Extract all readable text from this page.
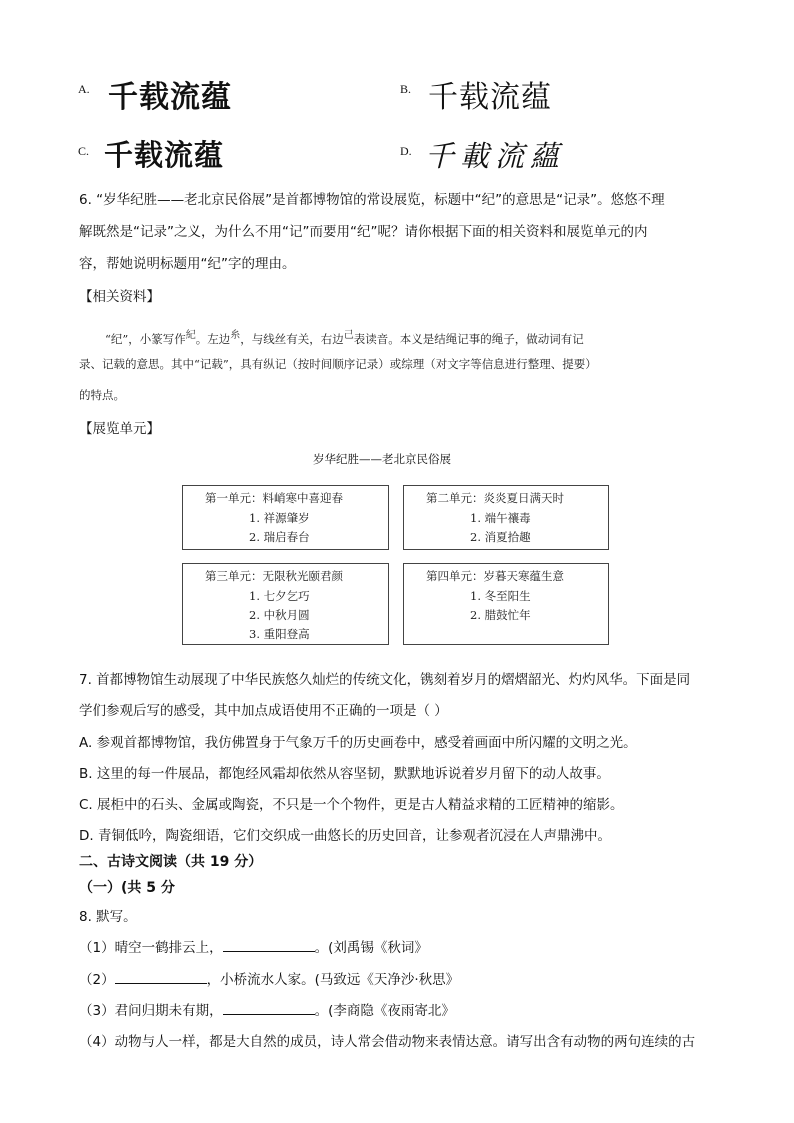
A. 千载流蕴	B. 千载流蕴
C. 千载流蕴	D. 千載流蘊
6. “岁华纪胜——老北京民俗展”是首都博物馆的常设展览，标题中“纪”的意思是“记录”。悠悠不理
解既然是“记录”之义，为什么不用“记”而要用“纪”呢？请你根据下面的相关资料和展览单元的内
容，帮她说明标题用“纪”字的理由。
【相关资料】
“纪”，小篆写作紀。左边糸，与线丝有关，右边己表读音。本义是结绳记事的绳子，做动词有记
录、记载的意思。其中“记载”，具有纵记（按时间顺序记录）或综理（对文字等信息进行整理、提要）
的特点。
【展览单元】
岁华纪胜——老北京民俗展
第一单元：料峭寒中喜迎春
1. 祥源肇岁
2. 瑞启春台
第二单元：炎炎夏日满天时
1. 端午禳毒
2. 消夏拾趣
第三单元：无限秋光颐君颜
1. 七夕乞巧
2. 中秋月圆
3. 重阳登高
第四单元：岁暮天寒蕴生意
1. 冬至阳生
2. 腊鼓忙年
7. 首都博物馆生动展现了中华民族悠久灿烂的传统文化，镌刻着岁月的熠熠韶光、灼灼风华。下面是同
学们参观后写的感受，其中加点成语使用不正确的一项是（ ）
A. 参观首都博物馆，我仿佛置身于气象万千的历史画卷中，感受着画面中所闪耀的文明之光。
B. 这里的每一件展品，都饱经风霜却依然从容坚韧，默默地诉说着岁月留下的动人故事。
C. 展柜中的石头、金属或陶瓷，不只是一个个物件，更是古人精益求精的工匠精神的缩影。
D. 青铜低吟，陶瓷细语，它们交织成一曲悠长的历史回音，让参观者沉浸在人声鼎沸中。
二、古诗文阅读（共 19 分）
（一）(共 5 分
8. 默写。
（1）晴空一鹤排云上，	。(刘禹锡《秋词》
（2）	，小桥流水人家。(马致远《天净沙·秋思》
（3）君问归期未有期，	。(李商隐《夜雨寄北》
（4）动物与人一样，都是大自然的成员，诗人常会借动物来表情达意。请写出含有动物的两句连续的古
